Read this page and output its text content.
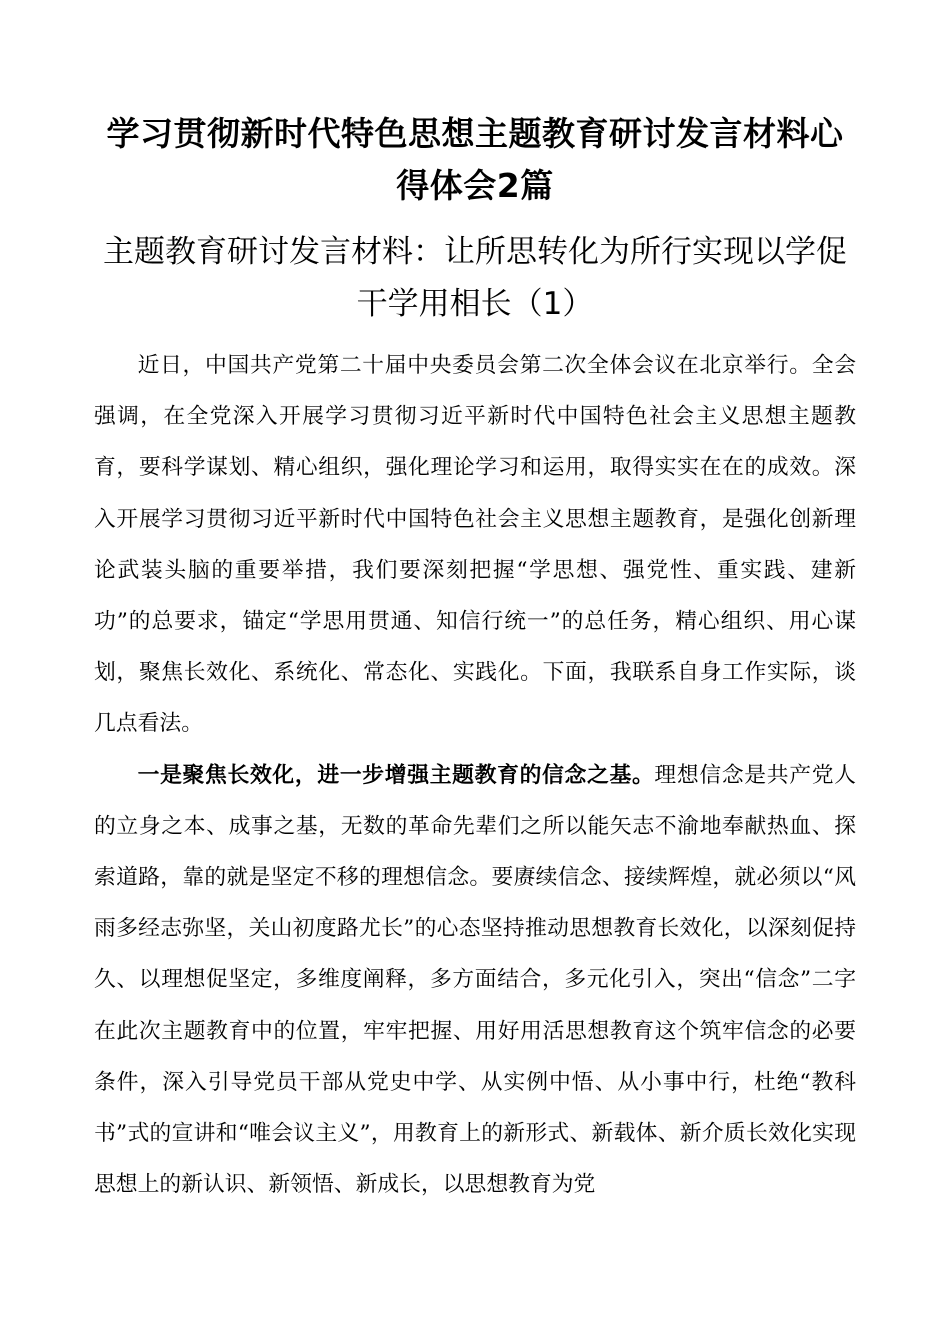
学习贯彻新时代特色思想主题教育研讨发言材料心得体会2篇
主题教育研讨发言材料：让所思转化为所行实现以学促干学用相长（1）

近日，中国共产党第二十届中央委员会第二次全体会议在北京举行。全会强调，在全党深入开展学习贯彻习近平新时代中国特色社会主义思想主题教育，要科学谋划、精心组织，强化理论学习和运用，取得实实在在的成效。深入开展学习贯彻习近平新时代中国特色社会主义思想主题教育，是强化创新理论武装头脑的重要举措，我们要深刻把握“学思想、强党性、重实践、建新功”的总要求，锚定“学思用贯通、知信行统一”的总任务，精心组织、用心谋划，聚焦长效化、系统化、常态化、实践化。下面，我联系自身工作实际，谈几点看法。

一是聚焦长效化，进一步增强主题教育的信念之基。理想信念是共产党人的立身之本、成事之基，无数的革命先辈们之所以能矢志不渝地奉献热血、探索道路，靠的就是坚定不移的理想信念。要赓续信念、接续辉煌，就必须以“风雨多经志弥坚，关山初度路尤长”的心态坚持推动思想教育长效化，以深刻促持久、以理想促坚定，多维度阐释，多方面结合，多元化引入，突出“信念”二字在此次主题教育中的位置，牢牢把握、用好用活思想教育这个筑牢信念的必要条件，深入引导党员干部从党史中学、从实例中悟、从小事中行，杜绝“教科书”式的宣讲和“唯会议主义”，用教育上的新形式、新载体、新介质长效化实现思想上的新认识、新领悟、新成长，以思想教育为党
